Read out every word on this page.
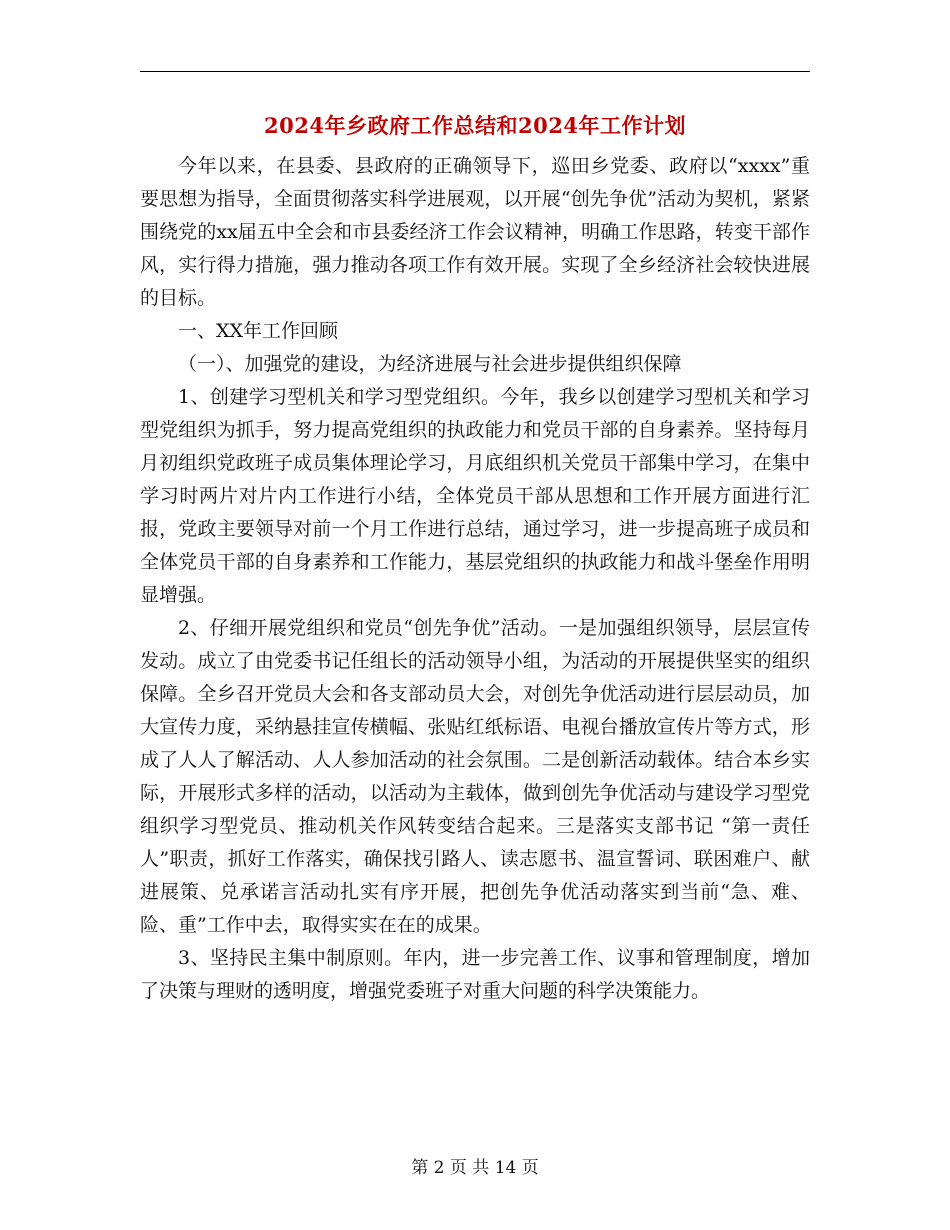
2024年乡政府工作总结和2024年工作计划

今年以来，在县委、县政府的正确领导下，巡田乡党委、政府以“xxxx”重要思想为指导，全面贯彻落实科学进展观，以开展“创先争优”活动为契机，紧紧围绕党的xx届五中全会和市县委经济工作会议精神，明确工作思路，转变干部作风，实行得力措施，强力推动各项工作有效开展。实现了全乡经济社会较快进展的目标。

一、XX年工作回顾

（一）、加强党的建设，为经济进展与社会进步提供组织保障

1、创建学习型机关和学习型党组织。今年，我乡以创建学习型机关和学习型党组织为抓手，努力提高党组织的执政能力和党员干部的自身素养。坚持每月月初组织党政班子成员集体理论学习，月底组织机关党员干部集中学习，在集中学习时两片对片内工作进行小结，全体党员干部从思想和工作开展方面进行汇报，党政主要领导对前一个月工作进行总结，通过学习，进一步提高班子成员和全体党员干部的自身素养和工作能力，基层党组织的执政能力和战斗堡垒作用明显增强。

2、仔细开展党组织和党员“创先争优”活动。一是加强组织领导，层层宣传发动。成立了由党委书记任组长的活动领导小组，为活动的开展提供坚实的组织保障。全乡召开党员大会和各支部动员大会，对创先争优活动进行层层动员，加大宣传力度，采纳悬挂宣传横幅、张贴红纸标语、电视台播放宣传片等方式，形成了人人了解活动、人人参加活动的社会氛围。二是创新活动载体。结合本乡实际，开展形式多样的活动，以活动为主载体，做到创先争优活动与建设学习型党组织学习型党员、推动机关作风转变结合起来。三是落实支部书记 “第一责任人”职责，抓好工作落实，确保找引路人、读志愿书、温宣誓词、联困难户、献进展策、兑承诺言活动扎实有序开展，把创先争优活动落实到当前“急、难、险、重”工作中去，取得实实在在的成果。

3、坚持民主集中制原则。年内，进一步完善工作、议事和管理制度，增加了决策与理财的透明度，增强党委班子对重大问题的科学决策能力。

第 2 页 共 14 页
